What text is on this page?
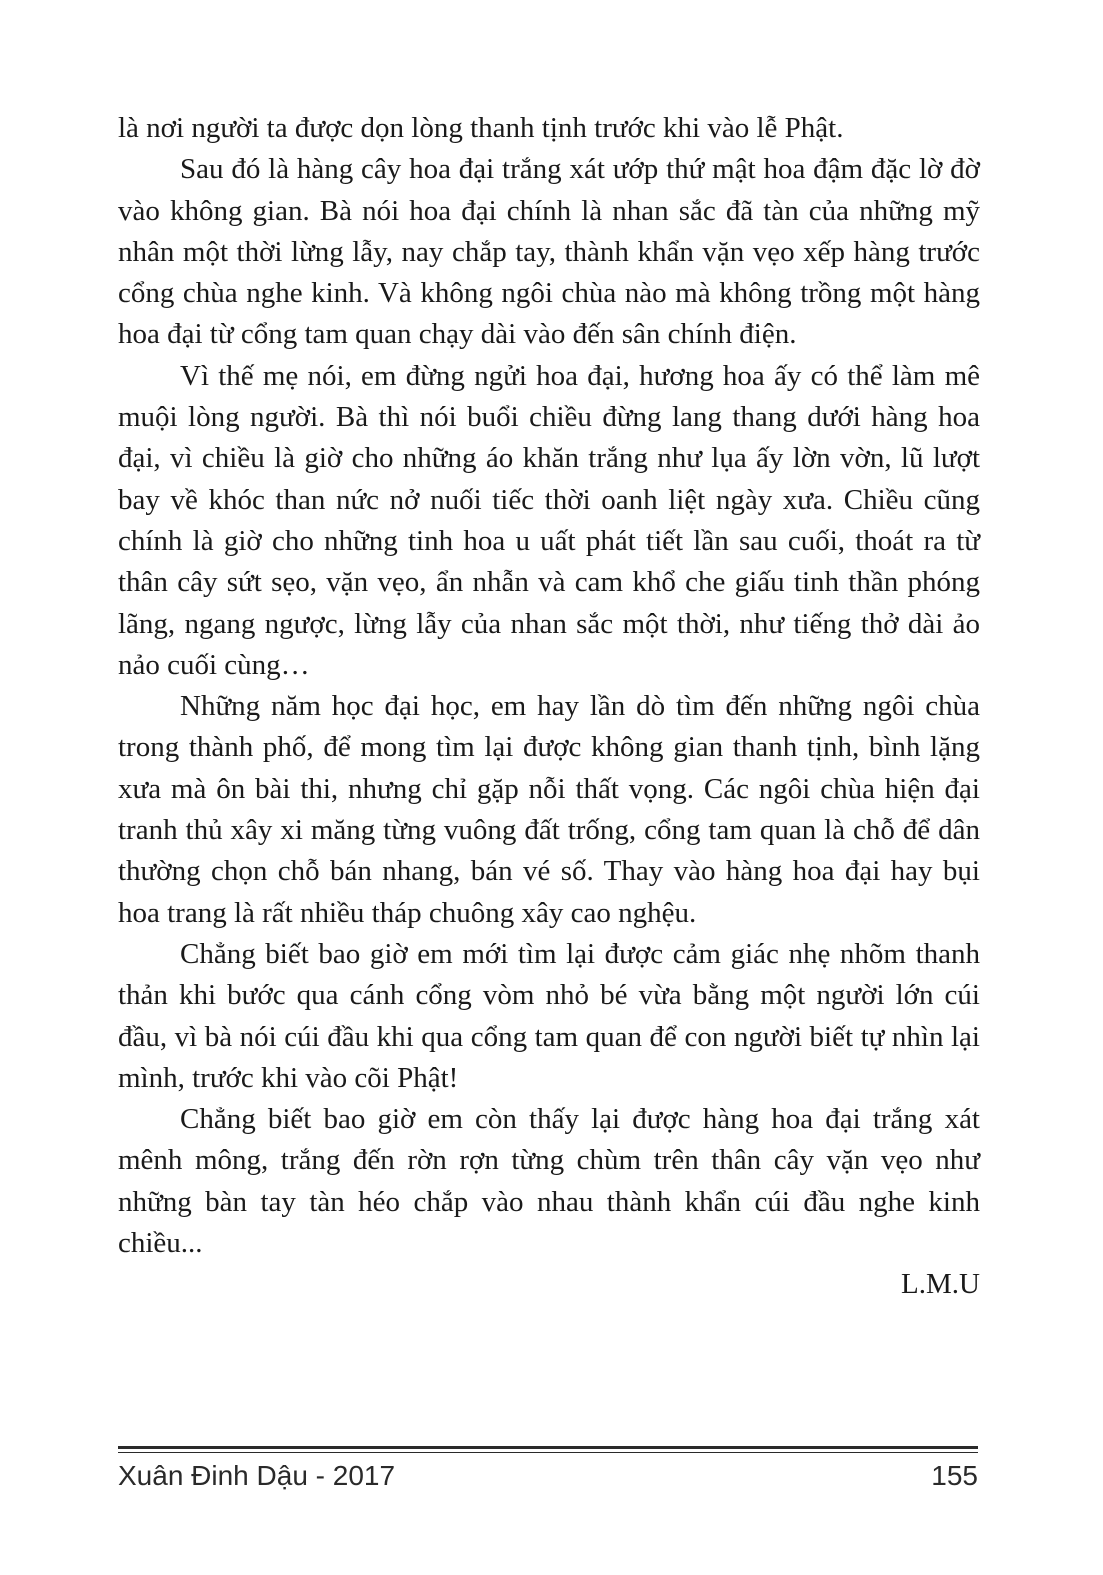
là nơi người ta được dọn lòng thanh tịnh trước khi vào lễ Phật.

Sau đó là hàng cây hoa đại trắng xát ướp thứ mật hoa đậm đặc lờ đờ vào không gian. Bà nói hoa đại chính là nhan sắc đã tàn của những mỹ nhân một thời lừng lẫy, nay chắp tay, thành khẩn vặn vẹo xếp hàng trước cổng chùa nghe kinh. Và không ngôi chùa nào mà không trồng một hàng hoa đại từ cổng tam quan chạy dài vào đến sân chính điện.

Vì thế mẹ nói, em đừng ngửi hoa đại, hương hoa ấy có thể làm mê muội lòng người. Bà thì nói buổi chiều đừng lang thang dưới hàng hoa đại, vì chiều là giờ cho những áo khăn trắng như lụa ấy lờn vờn, lũ lượt bay về khóc than nức nở nuối tiếc thời oanh liệt ngày xưa. Chiều cũng chính là giờ cho những tinh hoa u uất phát tiết lần sau cuối, thoát ra từ thân cây sứt sẹo, vặn vẹo, ẩn nhẫn và cam khổ che giấu tinh thần phóng lãng, ngang ngược, lừng lẫy của nhan sắc một thời, như tiếng thở dài ảo nảo cuối cùng…

Những năm học đại học, em hay lần dò tìm đến những ngôi chùa trong thành phố, để mong tìm lại được không gian thanh tịnh, bình lặng xưa mà ôn bài thi, nhưng chỉ gặp nỗi thất vọng. Các ngôi chùa hiện đại tranh thủ xây xi măng từng vuông đất trống, cổng tam quan là chỗ để dân thường chọn chỗ bán nhang, bán vé số. Thay vào hàng hoa đại hay bụi hoa trang là rất nhiều tháp chuông xây cao nghệu.

Chẳng biết bao giờ em mới tìm lại được cảm giác nhẹ nhõm thanh thản khi bước qua cánh cổng vòm nhỏ bé vừa bằng một người lớn cúi đầu, vì bà nói cúi đầu khi qua cổng tam quan để con người biết tự nhìn lại mình, trước khi vào cõi Phật!

Chẳng biết bao giờ em còn thấy lại được hàng hoa đại trắng xát mênh mông, trắng đến rờn rợn từng chùm trên thân cây vặn vẹo như những bàn tay tàn héo chắp vào nhau thành khẩn cúi đầu nghe kinh chiều...

L.M.U

Xuân Đinh Dậu - 2017	155
